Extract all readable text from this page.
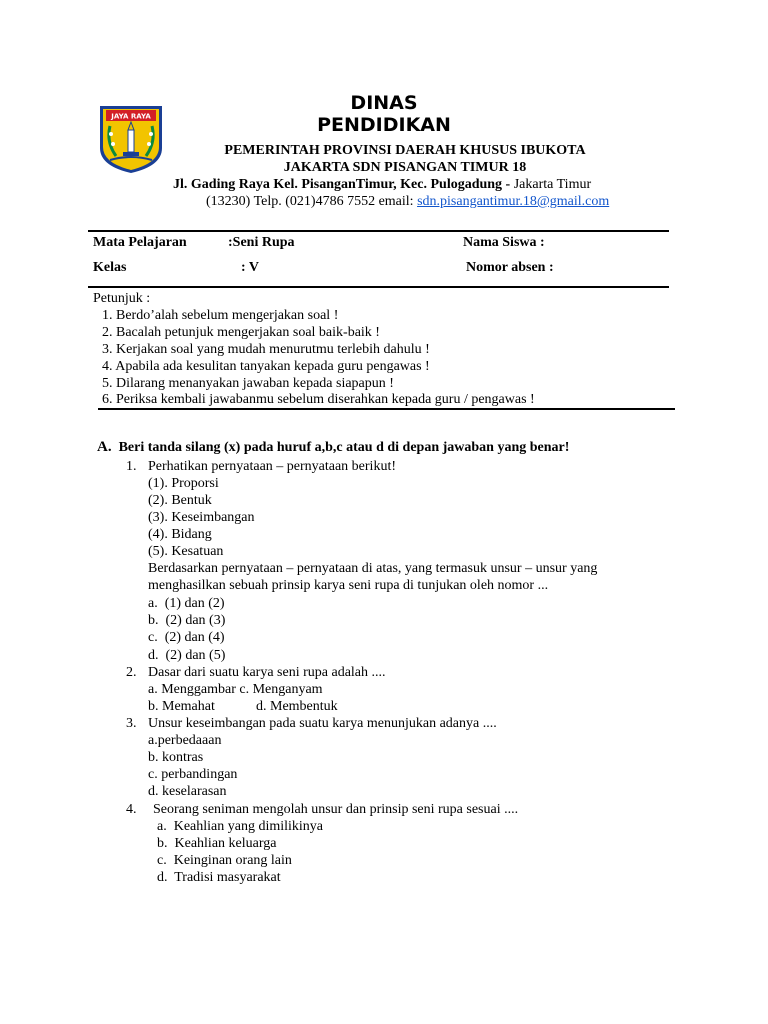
JAYA RAYA
DINAS
PENDIDIKAN
PEMERINTAH PROVINSI DAERAH KHUSUS IBUKOTA
JAKARTA SDN PISANGAN TIMUR 18
Jl. Gading Raya Kel. PisanganTimur, Kec. Pulogadung - Jakarta Timur
(13230) Telp. (021)4786 7552 email: sdn.pisangantimur.18@gmail.com
Mata Pelajaran	:Seni Rupa	Nama Siswa :
Kelas	: V	Nomor absen :
Petunjuk :
1. Berdo’alah sebelum mengerjakan soal !
2. Bacalah petunjuk mengerjakan soal baik-baik !
3. Kerjakan soal yang mudah menurutmu terlebih dahulu !
4. Apabila ada kesulitan tanyakan kepada guru pengawas !
5. Dilarang menanyakan jawaban kepada siapapun !
6. Periksa kembali jawabanmu sebelum diserahkan kepada guru / pengawas !
A. Beri tanda silang (x) pada huruf a,b,c atau d di depan jawaban yang benar!
1. Perhatikan pernyataan – pernyataan berikut!
(1). Proporsi
(2). Bentuk
(3). Keseimbangan
(4). Bidang
(5). Kesatuan
Berdasarkan pernyataan – pernyataan di atas, yang termasuk unsur – unsur yang
menghasilkan sebuah prinsip karya seni rupa di tunjukan oleh nomor ...
a. (1) dan (2)
b. (2) dan (3)
c. (2) dan (4)
d. (2) dan (5)
2. Dasar dari suatu karya seni rupa adalah ....
a. Menggambar c. Menganyam
b. Memahat	d. Membentuk
3. Unsur keseimbangan pada suatu karya menunjukan adanya ....
a.perbedaaan
b. kontras
c. perbandingan
d. keselarasan
4. Seorang seniman mengolah unsur dan prinsip seni rupa sesuai ....
a. Keahlian yang dimilikinya
b. Keahlian keluarga
c. Keinginan orang lain
d. Tradisi masyarakat
